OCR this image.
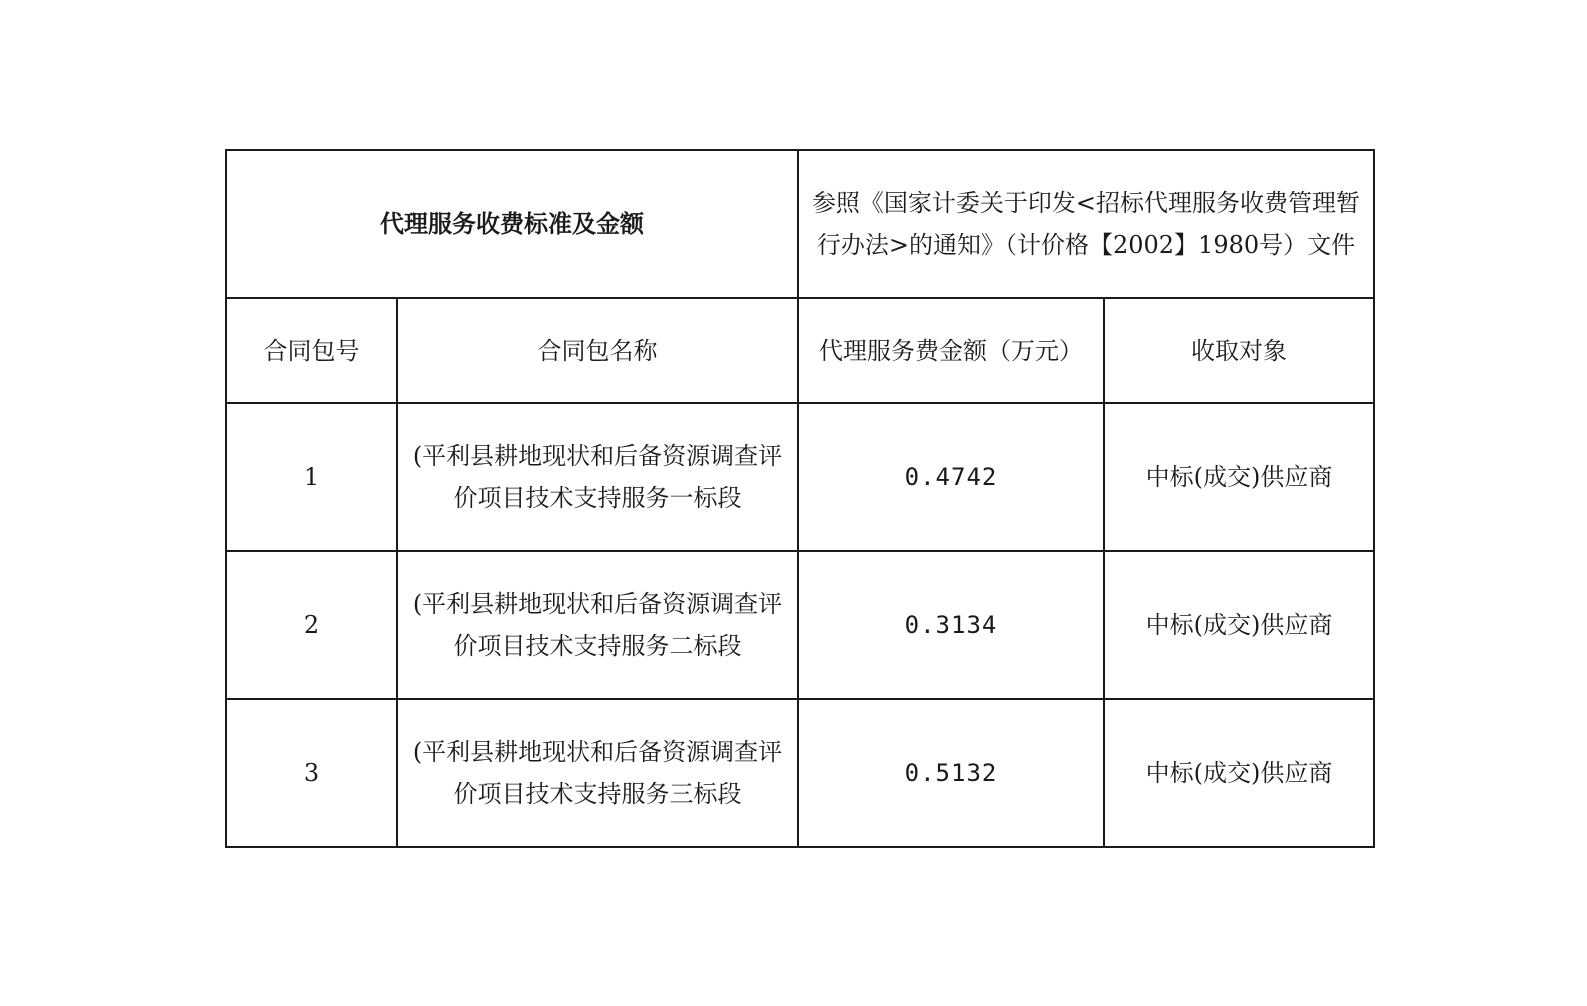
代理服务收费标准及金额		参照《国家计委关于印发<招标代理服务收费管理暂行办法>的通知》（计价格【2002】1980号）文件	
合同包号	合同包名称	代理服务费金额（万元）	收取对象
1	(平利县耕地现状和后备资源调查评价项目技术支持服务一标段	0.4742	中标(成交)供应商
2	(平利县耕地现状和后备资源调查评价项目技术支持服务二标段	0.3134	中标(成交)供应商
3	(平利县耕地现状和后备资源调查评价项目技术支持服务三标段	0.5132	中标(成交)供应商
